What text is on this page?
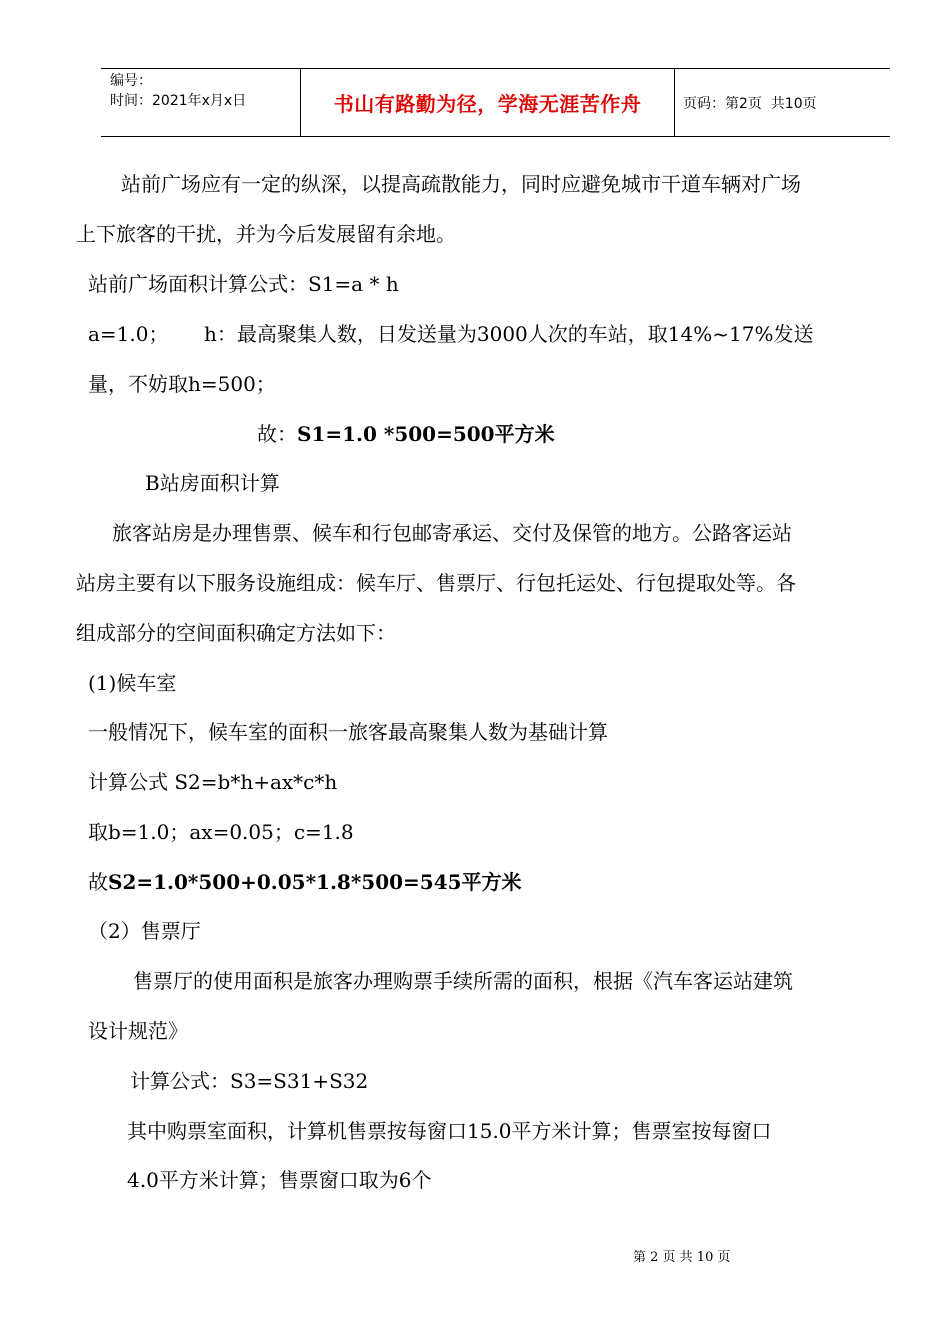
编号：
时间：2021年x月x日	书山有路勤为径，学海无涯苦作舟	页码：第2页  共10页
站前广场应有一定的纵深，以提高疏散能力，同时应避免城市干道车辆对广场
上下旅客的干扰，并为今后发展留有余地。
站前广场面积计算公式：S1=a * h
a=1.0； h：最高聚集人数，日发送量为3000人次的车站，取14%~17%发送
量，不妨取h=500；
故：S1=1.0 *500=500平方米
B站房面积计算
旅客站房是办理售票、候车和行包邮寄承运、交付及保管的地方。公路客运站
站房主要有以下服务设施组成：候车厅、售票厅、行包托运处、行包提取处等。各
组成部分的空间面积确定方法如下：
(1)候车室
一般情况下，候车室的面积一旅客最高聚集人数为基础计算
计算公式 S2=b*h+ax*c*h
取b=1.0；ax=0.05；c=1.8
故S2=1.0*500+0.05*1.8*500=545平方米
（2）售票厅
售票厅的使用面积是旅客办理购票手续所需的面积，根据《汽车客运站建筑
设计规范》
计算公式：S3=S31+S32
其中购票室面积，计算机售票按每窗口15.0平方米计算；售票室按每窗口
4.0平方米计算；售票窗口取为6个
第 2 页 共 10 页
